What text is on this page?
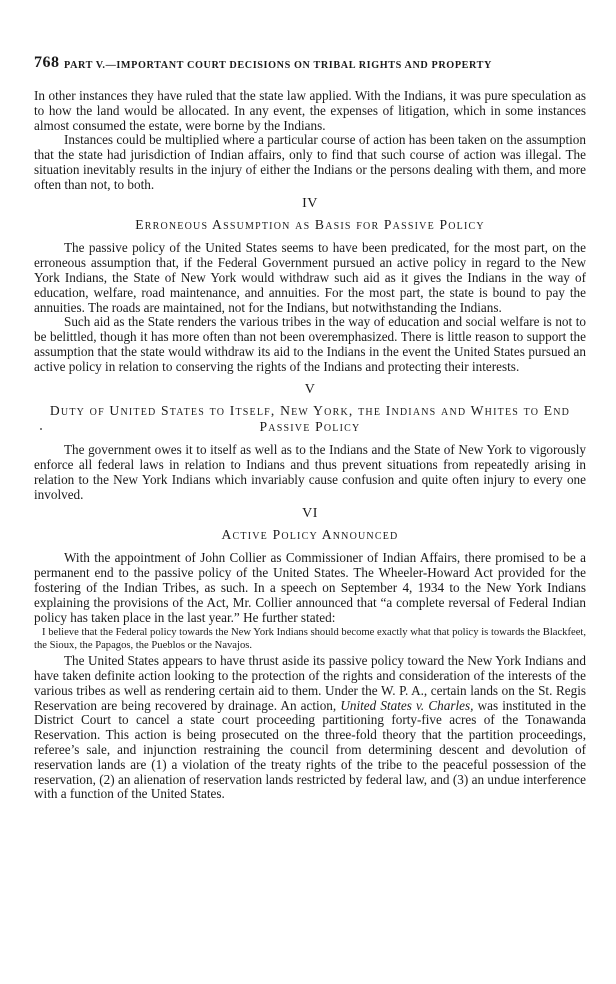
768 PART V.—IMPORTANT COURT DECISIONS ON TRIBAL RIGHTS AND PROPERTY

In other instances they have ruled that the state law applied. With the Indians, it was pure speculation as to how the land would be allocated. In any event, the expenses of litigation, which in some instances almost consumed the estate, were borne by the Indians.

Instances could be multiplied where a particular course of action has been taken on the assumption that the state had jurisdiction of Indian affairs, only to find that such course of action was illegal. The situation inevitably results in the injury of either the Indians or the persons dealing with them, and more often than not, to both.

IV
Erroneous Assumption as Basis for Passive Policy

The passive policy of the United States seems to have been predicated, for the most part, on the erroneous assumption that, if the Federal Government pursued an active policy in regard to the New York Indians, the State of New York would withdraw such aid as it gives the Indians in the way of education, welfare, road maintenance, and annuities. For the most part, the state is bound to pay the annuities. The roads are maintained, not for the Indians, but notwithstanding the Indians.

Such aid as the State renders the various tribes in the way of education and social welfare is not to be belittled, though it has more often than not been overemphasized. There is little reason to support the assumption that the state would withdraw its aid to the Indians in the event the United States pursued an active policy in relation to conserving the rights of the Indians and protecting their interests.

V
Duty of United States to Itself, New York, the Indians and Whites to End Passive Policy

The government owes it to itself as well as to the Indians and the State of New York to vigorously enforce all federal laws in relation to Indians and thus prevent situations from repeatedly arising in relation to the New York Indians which invariably cause confusion and quite often injury to every one involved.

VI
Active Policy Announced

With the appointment of John Collier as Commissioner of Indian Affairs, there promised to be a permanent end to the passive policy of the United States. The Wheeler-Howard Act provided for the fostering of the Indian Tribes, as such. In a speech on September 4, 1934 to the New York Indians explaining the provisions of the Act, Mr. Collier announced that “a complete reversal of Federal Indian policy has taken place in the last year.” He further stated:

I believe that the Federal policy towards the New York Indians should become exactly what that policy is towards the Blackfeet, the Sioux, the Papagos, the Pueblos or the Navajos.

The United States appears to have thrust aside its passive policy toward the New York Indians and have taken definite action looking to the protection of the rights and consideration of the interests of the various tribes as well as rendering certain aid to them. Under the W. P. A., certain lands on the St. Regis Reservation are being recovered by drainage. An action, United States v. Charles, was instituted in the District Court to cancel a state court proceeding partitioning forty-five acres of the Tonawanda Reservation. This action is being prosecuted on the three-fold theory that the partition proceedings, referee’s sale, and injunction restraining the council from determining descent and devolution of reservation lands are (1) a violation of the treaty rights of the tribe to the peaceful possession of the reservation, (2) an alienation of reservation lands restricted by federal law, and (3) an undue interference with a function of the United States.
